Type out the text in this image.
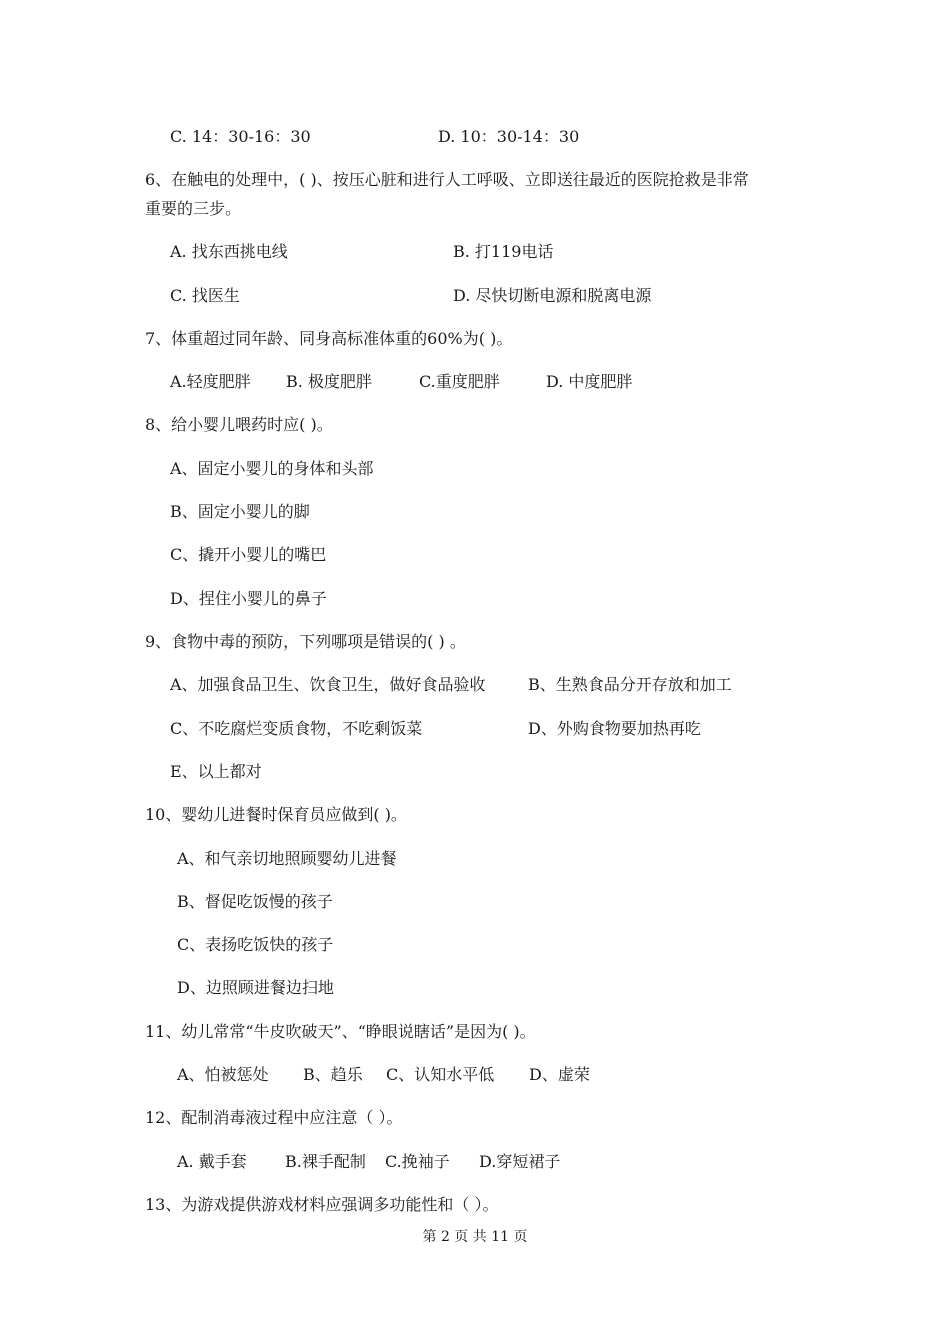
C. 14：30-16：30	D. 10：30-14：30
6、在触电的处理中，( )、按压心脏和进行人工呼吸、立即送往最近的医院抢救是非常
重要的三步。
A. 找东西挑电线	B. 打119电话
C. 找医生	D. 尽快切断电源和脱离电源
7、体重超过同年龄、同身高标准体重的60%为( )。
A.轻度肥胖 B. 极度肥胖	C.重度肥胖	D. 中度肥胖
8、给小婴儿喂药时应( )。
A、固定小婴儿的身体和头部
B、固定小婴儿的脚
C、撬开小婴儿的嘴巴
D、捏住小婴儿的鼻子
9、食物中毒的预防，下列哪项是错误的( ) 。
A、加强食品卫生、饮食卫生，做好食品验收	B、生熟食品分开存放和加工
C、不吃腐烂变质食物，不吃剩饭菜	D、外购食物要加热再吃
E、以上都对
10、婴幼儿进餐时保育员应做到( )。
A、和气亲切地照顾婴幼儿进餐
B、督促吃饭慢的孩子
C、表扬吃饭快的孩子
D、边照顾进餐边扫地
11、幼儿常常“牛皮吹破天”、“睁眼说瞎话”是因为( )。
A、怕被惩处 B、趋乐 C、认知水平低 D、虚荣
12、配制消毒液过程中应注意（ ）。
A. 戴手套 B.裸手配制 C.挽袖子 D.穿短裙子
13、为游戏提供游戏材料应强调多功能性和（ ）。
第 2 页 共 11 页
